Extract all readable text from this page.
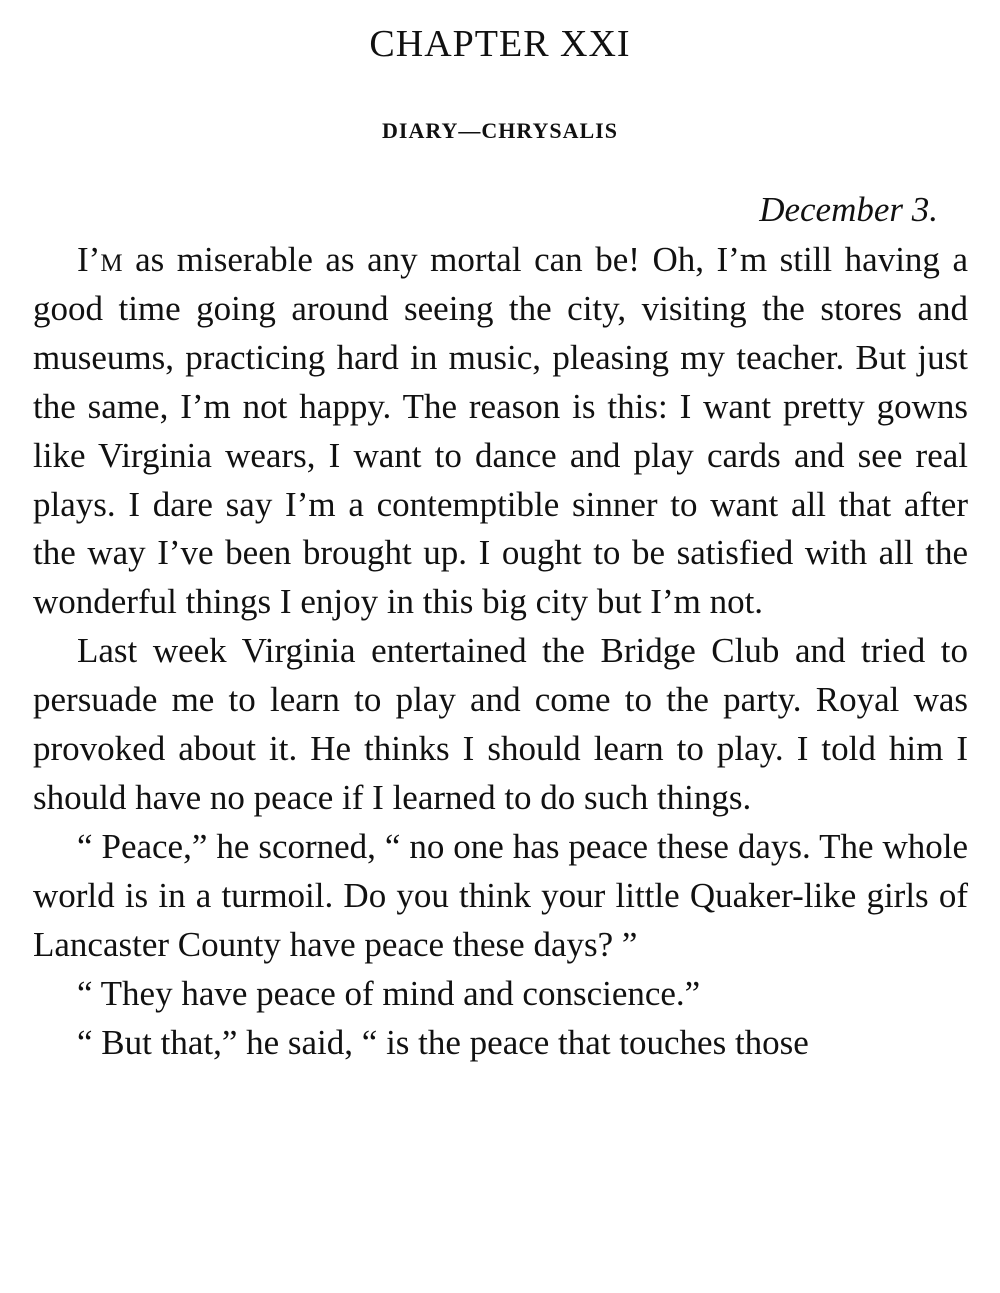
CHAPTER XXI
DIARY—CHRYSALIS

December 3.

I’m as miserable as any mortal can be! Oh, I’m still having a good time going around seeing the city, visiting the stores and museums, practicing hard in music, pleasing my teacher. But just the same, I’m not happy. The reason is this: I want pretty gowns like Virginia wears, I want to dance and play cards and see real plays. I dare say I’m a contemptible sinner to want all that after the way I’ve been brought up. I ought to be satisfied with all the wonderful things I enjoy in this big city but I’m not.

Last week Virginia entertained the Bridge Club and tried to persuade me to learn to play and come to the party. Royal was provoked about it. He thinks I should learn to play. I told him I should have no peace if I learned to do such things.

“ Peace,” he scorned, “ no one has peace these days. The whole world is in a turmoil. Do you think your little Quaker-like girls of Lancaster County have peace these days? ”

“ They have peace of mind and conscience.”

“ But that,” he said, “ is the peace that touches those
